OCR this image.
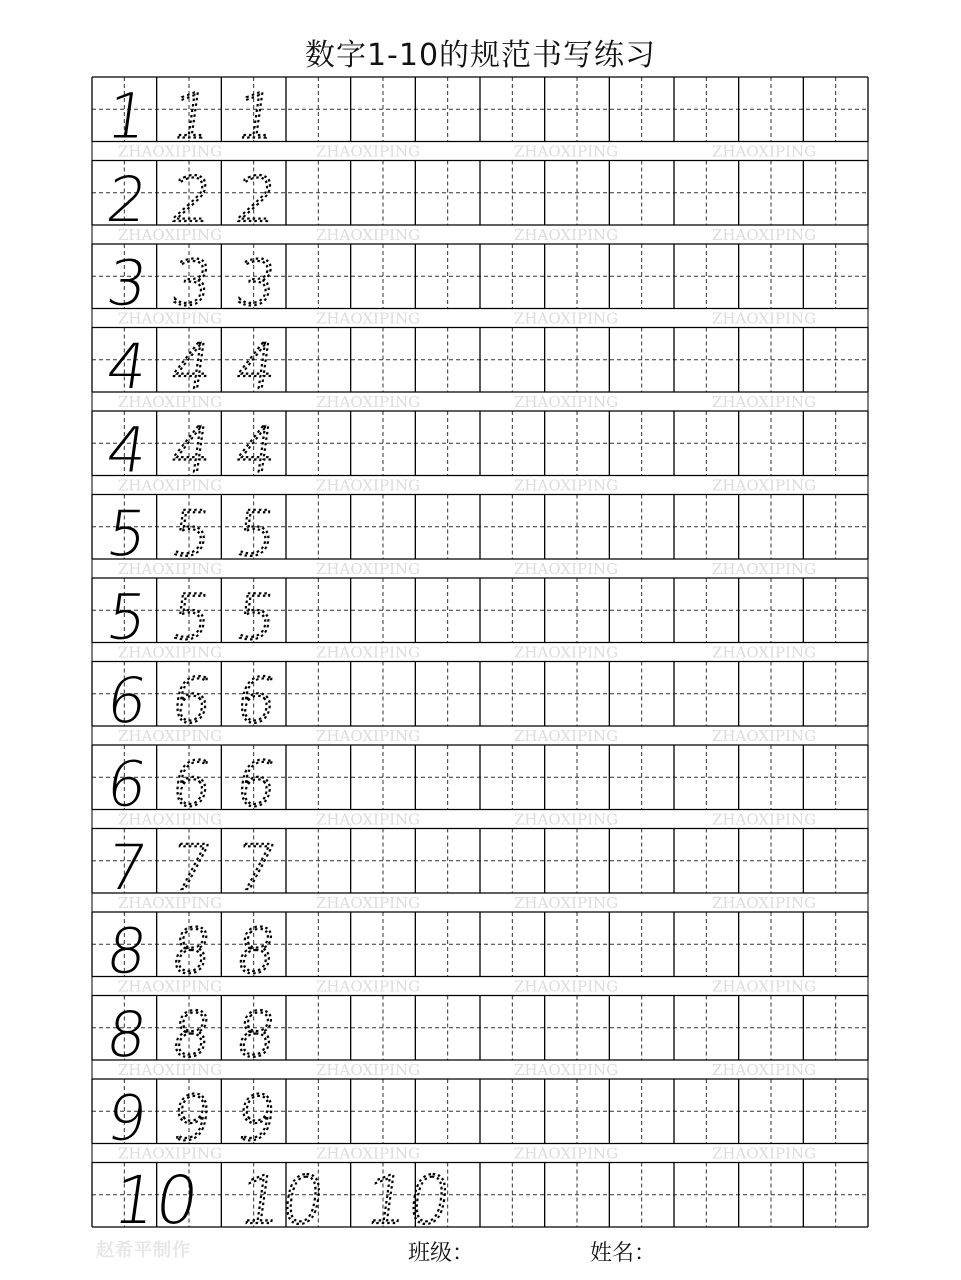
数字1-10的规范书写练习
ZHAOXIPING	ZHAOXIPING	ZHAOXIPING	ZHAOXIPING
ZHAOXIPING	ZHAOXIPING	ZHAOXIPING	ZHAOXIPING
ZHAOXIPING	ZHAOXIPING	ZHAOXIPING	ZHAOXIPING
ZHAOXIPING	ZHAOXIPING	ZHAOXIPING	ZHAOXIPING
ZHAOXIPING	ZHAOXIPING	ZHAOXIPING	ZHAOXIPING
ZHAOXIPING	ZHAOXIPING	ZHAOXIPING	ZHAOXIPING
ZHAOXIPING	ZHAOXIPING	ZHAOXIPING	ZHAOXIPING
ZHAOXIPING	ZHAOXIPING	ZHAOXIPING	ZHAOXIPING
ZHAOXIPING	ZHAOXIPING	ZHAOXIPING	ZHAOXIPING
ZHAOXIPING	ZHAOXIPING	ZHAOXIPING	ZHAOXIPING
ZHAOXIPING	ZHAOXIPING	ZHAOXIPING	ZHAOXIPING
ZHAOXIPING	ZHAOXIPING	ZHAOXIPING	ZHAOXIPING
ZHAOXIPING	ZHAOXIPING	ZHAOXIPING	ZHAOXIPING
1 1 1
2 2 2
3 3 3
4 4 4
4 4 4
5 5 5
5 5 5
6 6 6
6 6 6
7 7 7
8 8 8
8 8 8
9 9 9
10 10 10
赵希平制作	班级：	姓名：
